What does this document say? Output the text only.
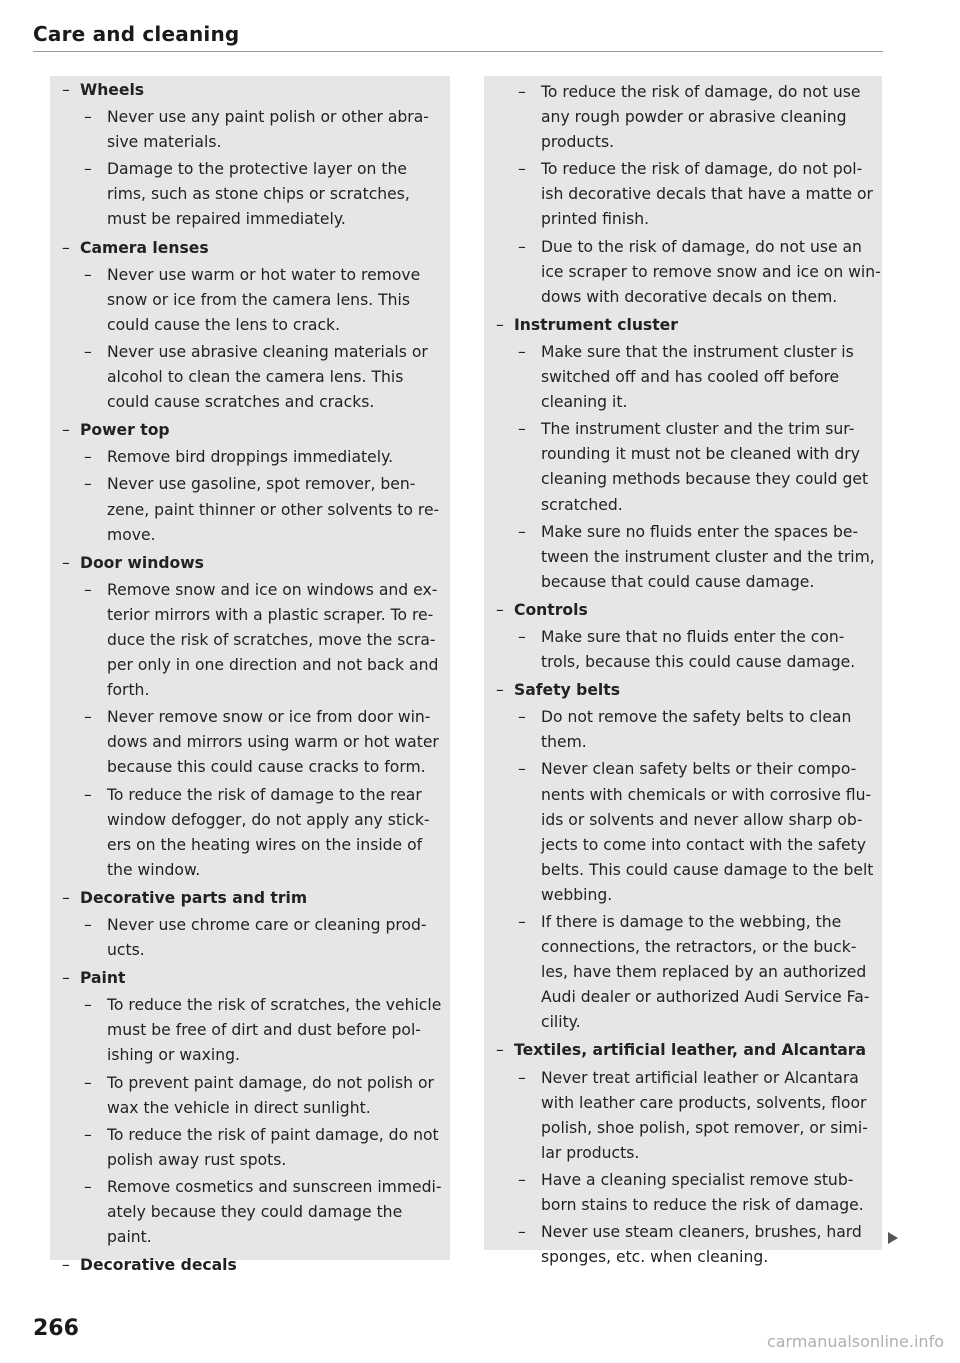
Care and cleaning
– Wheels
– Never use any paint polish or other abra-sive materials.
– Damage to the protective layer on the rims, such as stone chips or scratches, must be repaired immediately.
– Camera lenses
– Never use warm or hot water to remove snow or ice from the camera lens. This could cause the lens to crack.
– Never use abrasive cleaning materials or alcohol to clean the camera lens. This could cause scratches and cracks.
– Power top
– Remove bird droppings immediately.
– Never use gasoline, spot remover, ben-zene, paint thinner or other solvents to re-move.
– Door windows
– Remove snow and ice on windows and ex-terior mirrors with a plastic scraper. To re-duce the risk of scratches, move the scra-per only in one direction and not back and forth.
– Never remove snow or ice from door win-dows and mirrors using warm or hot water because this could cause cracks to form.
– To reduce the risk of damage to the rear window defogger, do not apply any stick-ers on the heating wires on the inside of the window.
– Decorative parts and trim
– Never use chrome care or cleaning prod-ucts.
– Paint
– To reduce the risk of scratches, the vehicle must be free of dirt and dust before pol-ishing or waxing.
– To prevent paint damage, do not polish or wax the vehicle in direct sunlight.
– To reduce the risk of paint damage, do not polish away rust spots.
– Remove cosmetics and sunscreen immedi-ately because they could damage the paint.
– Decorative decals
– To reduce the risk of damage, do not use any rough powder or abrasive cleaning products.
– To reduce the risk of damage, do not pol-ish decorative decals that have a matte or printed finish.
– Due to the risk of damage, do not use an ice scraper to remove snow and ice on win-dows with decorative decals on them.
– Instrument cluster
– Make sure that the instrument cluster is switched off and has cooled off before cleaning it.
– The instrument cluster and the trim sur-rounding it must not be cleaned with dry cleaning methods because they could get scratched.
– Make sure no fluids enter the spaces be-tween the instrument cluster and the trim, because that could cause damage.
– Controls
– Make sure that no fluids enter the con-trols, because this could cause damage.
– Safety belts
– Do not remove the safety belts to clean them.
– Never clean safety belts or their compo-nents with chemicals or with corrosive flu-ids or solvents and never allow sharp ob-jects to come into contact with the safety belts. This could cause damage to the belt webbing.
– If there is damage to the webbing, the connections, the retractors, or the buck-les, have them replaced by an authorized Audi dealer or authorized Audi Service Fa-cility.
– Textiles, artificial leather, and Alcantara
– Never treat artificial leather or Alcantara with leather care products, solvents, floor polish, shoe polish, spot remover, or simi-lar products.
– Have a cleaning specialist remove stub-born stains to reduce the risk of damage.
– Never use steam cleaners, brushes, hard sponges, etc. when cleaning.
266
carmanualsonline.info
